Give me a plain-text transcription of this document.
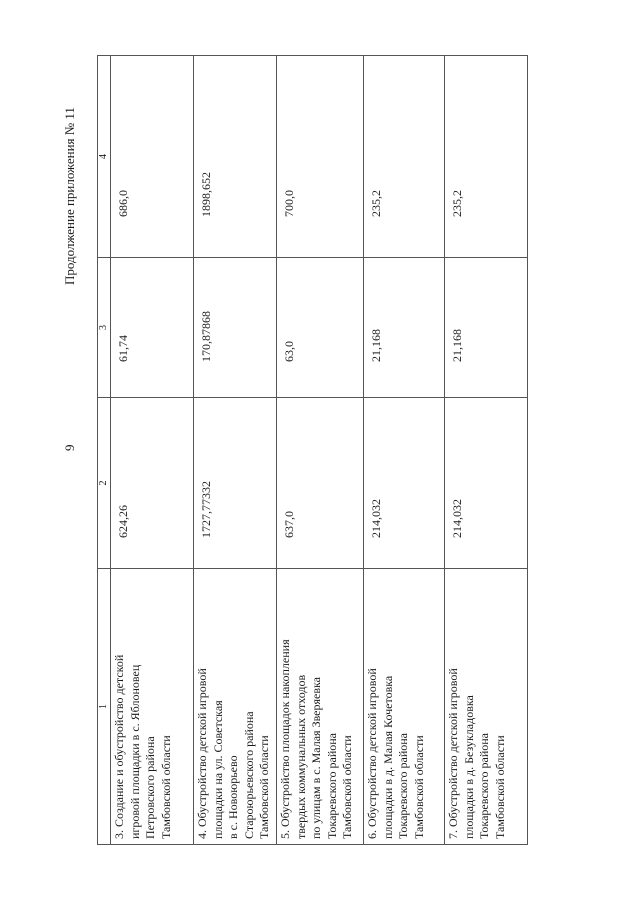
9
Продолжение приложения № 11
1	2	3	4

3. Создание и обустройство детской игровой площадки в с. Яблоновец Петровского района Тамбовской области	624,26	61,74	686,0

4. Обустройство детской игровой площадки на ул. Советская в с. Новоюрьево Староюрьевского района Тамбовской области	1727,77332	170,87868	1898,652

5. Обустройство площадок накопления твердых коммунальных отходов по улицам в с. Малая Зверяевка Токаревского района Тамбовской области	637,0	63,0	700,0

6. Обустройство детской игровой площадки в д. Малая Кочетовка Токаревского района Тамбовской области	214,032	21,168	235,2

7. Обустройство детской игровой площадки в д. Безукладовка Токаревского района Тамбовской области	214,032	21,168	235,2
